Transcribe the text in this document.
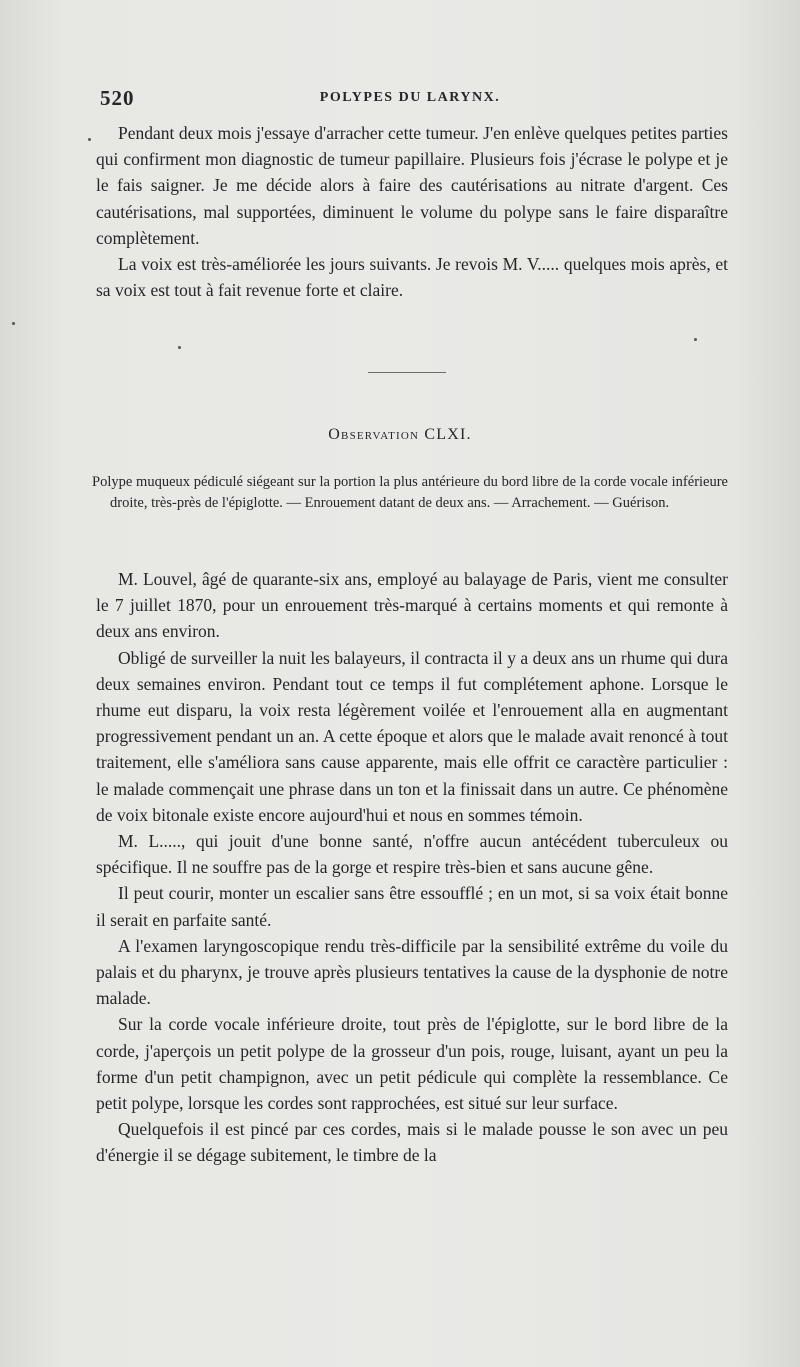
520	POLYPES DU LARYNX.

Pendant deux mois j'essaye d'arracher cette tumeur. J'en enlève quelques petites parties qui confirment mon diagnostic de tumeur papillaire. Plusieurs fois j'écrase le polype et je le fais saigner. Je me décide alors à faire des cautérisations au nitrate d'argent. Ces cautérisations, mal supportées, diminuent le volume du polype sans le faire disparaître complètement.

La voix est très-améliorée les jours suivants. Je revois M. V..... quelques mois après, et sa voix est tout à fait revenue forte et claire.

Observation CLXI.
Polype muqueux pédiculé siégeant sur la portion la plus antérieure du bord libre de la corde vocale inférieure droite, très-près de l'épiglotte. — Enrouement datant de deux ans. — Arrachement. — Guérison.

M. Louvel, âgé de quarante-six ans, employé au balayage de Paris, vient me consulter le 7 juillet 1870, pour un enrouement très-marqué à certains moments et qui remonte à deux ans environ.

Obligé de surveiller la nuit les balayeurs, il contracta il y a deux ans un rhume qui dura deux semaines environ. Pendant tout ce temps il fut complétement aphone. Lorsque le rhume eut disparu, la voix resta légèrement voilée et l'enrouement alla en augmentant progressivement pendant un an. A cette époque et alors que le malade avait renoncé à tout traitement, elle s'améliora sans cause apparente, mais elle offrit ce caractère particulier : le malade commençait une phrase dans un ton et la finissait dans un autre. Ce phénomène de voix bitonale existe encore aujourd'hui et nous en sommes témoin.

M. L....., qui jouit d'une bonne santé, n'offre aucun antécédent tuberculeux ou spécifique. Il ne souffre pas de la gorge et respire très-bien et sans aucune gêne.

Il peut courir, monter un escalier sans être essoufflé ; en un mot, si sa voix était bonne il serait en parfaite santé.

A l'examen laryngoscopique rendu très-difficile par la sensibilité extrême du voile du palais et du pharynx, je trouve après plusieurs tentatives la cause de la dysphonie de notre malade.

Sur la corde vocale inférieure droite, tout près de l'épiglotte, sur le bord libre de la corde, j'aperçois un petit polype de la grosseur d'un pois, rouge, luisant, ayant un peu la forme d'un petit champignon, avec un petit pédicule qui complète la ressemblance. Ce petit polype, lorsque les cordes sont rapprochées, est situé sur leur surface.

Quelquefois il est pincé par ces cordes, mais si le malade pousse le son avec un peu d'énergie il se dégage subitement, le timbre de la
